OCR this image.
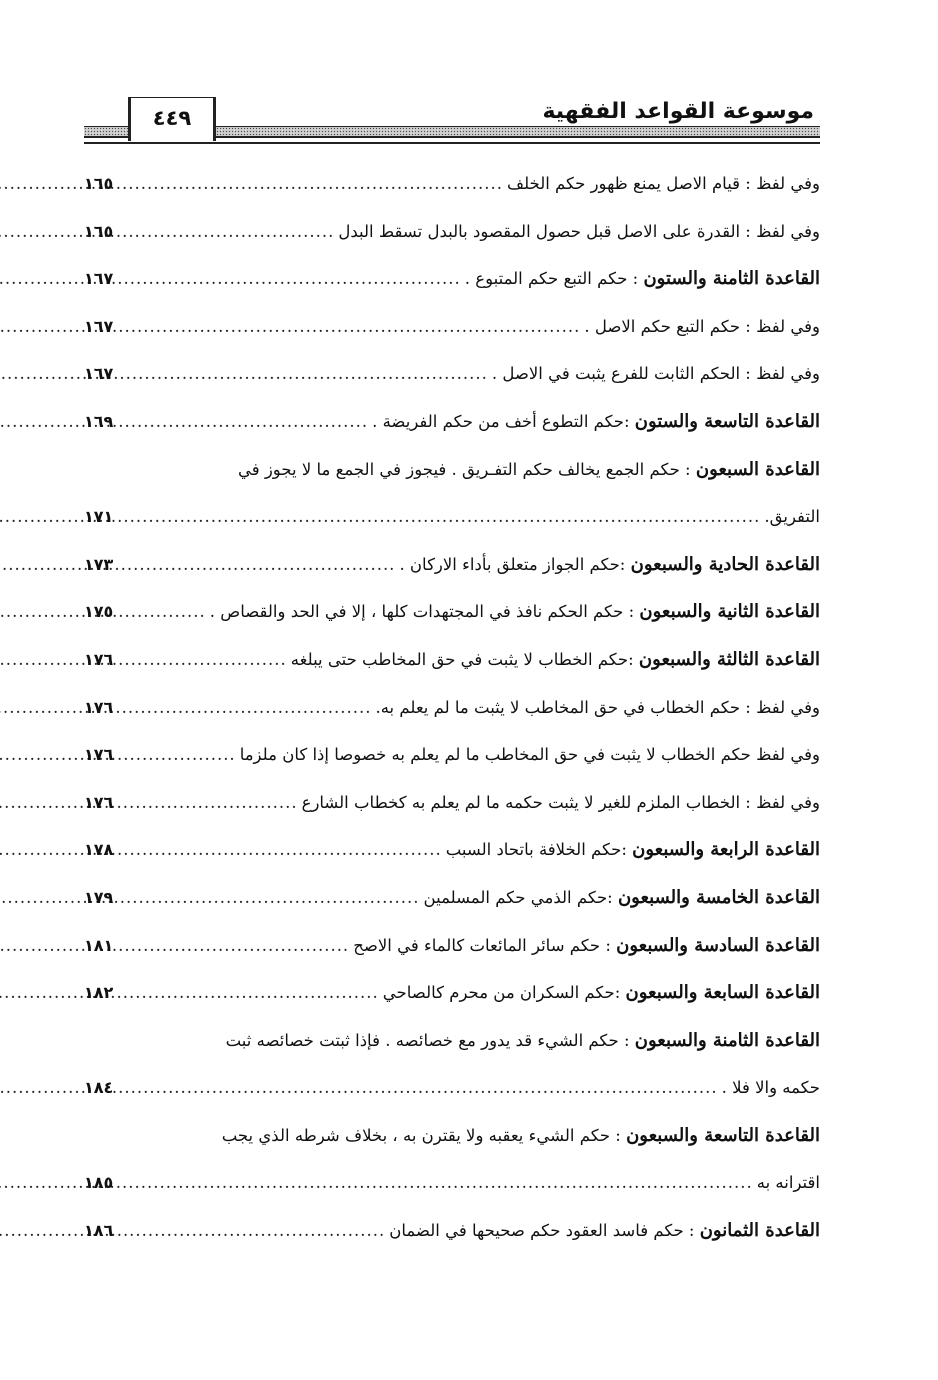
٤٤٩	موسوعة القواعد الفقهية
وفي لفظ : قيام الاصل يمنع ظهور حكم الخلف
.....
١٦٥
وفي لفظ : القدرة على الاصل قبل حصول المقصود بالبدل تسقط البدل
.....
١٦٥
القاعدة الثامنة والستون : حكم التبع حكم المتبوع .
.....
١٦٧
وفي لفظ : حكم التبع حكم الاصل .
.....
١٦٧
وفي لفظ : الحكم الثابت للفرع يثبت في الاصل .
.....
١٦٧
القاعدة التاسعة والستون :حكم التطوع أخف من حكم الفريضة .
.....
١٦٩
القاعدة السبعون : حكم الجمع يخالف حكم التفـريق . فيجوز في الجمع ما لا يجوز في
التفريق.
.....
١٧١
القاعدة الحادية والسبعون :حكم الجواز متعلق بأداء الاركان .
.....
١٧٣
القاعدة الثانية والسبعون : حكم الحكم نافذ في المجتهدات كلها ، إلا في الحد والقصاص .
.....
١٧٥
القاعدة الثالثة والسبعون :حكم الخطاب لا يثبت في حق المخاطب حتى يبلغه
.....
١٧٦
وفي لفظ : حكم الخطاب في حق المخاطب لا يثبت ما لم يعلم به.
.....
١٧٦
وفي لفظ حكم الخطاب لا يثبت في حق المخاطب ما لم يعلم به خصوصا إذا كان ملزما
.....
١٧٦
وفي لفظ : الخطاب الملزم للغير لا يثبت حكمه ما لم يعلم به كخطاب الشارع
.....
١٧٦
القاعدة الرابعة والسبعون :حكم الخلافة باتحاد السبب
.....
١٧٨
القاعدة الخامسة والسبعون :حكم الذمي حكم المسلمين
.....
١٧٩
القاعدة السادسة والسبعون : حكم سائر المائعات كالماء في الاصح
.....
١٨١
القاعدة السابعة والسبعون :حكم السكران من محرم كالصاحي
.....
١٨٢
القاعدة الثامنة والسبعون : حكم الشيء قد يدور مع خصائصه . فإذا ثبتت خصائصه ثبت
حكمه والا فلا .
.....
١٨٤
القاعدة التاسعة والسبعون : حكم الشيء يعقبه ولا يقترن به ، بخلاف شرطه الذي يجب
اقترانه به
.....
١٨٥
القاعدة الثمانون : حكم فاسد العقود حكم صحيحها في الضمان
.....
١٨٦
